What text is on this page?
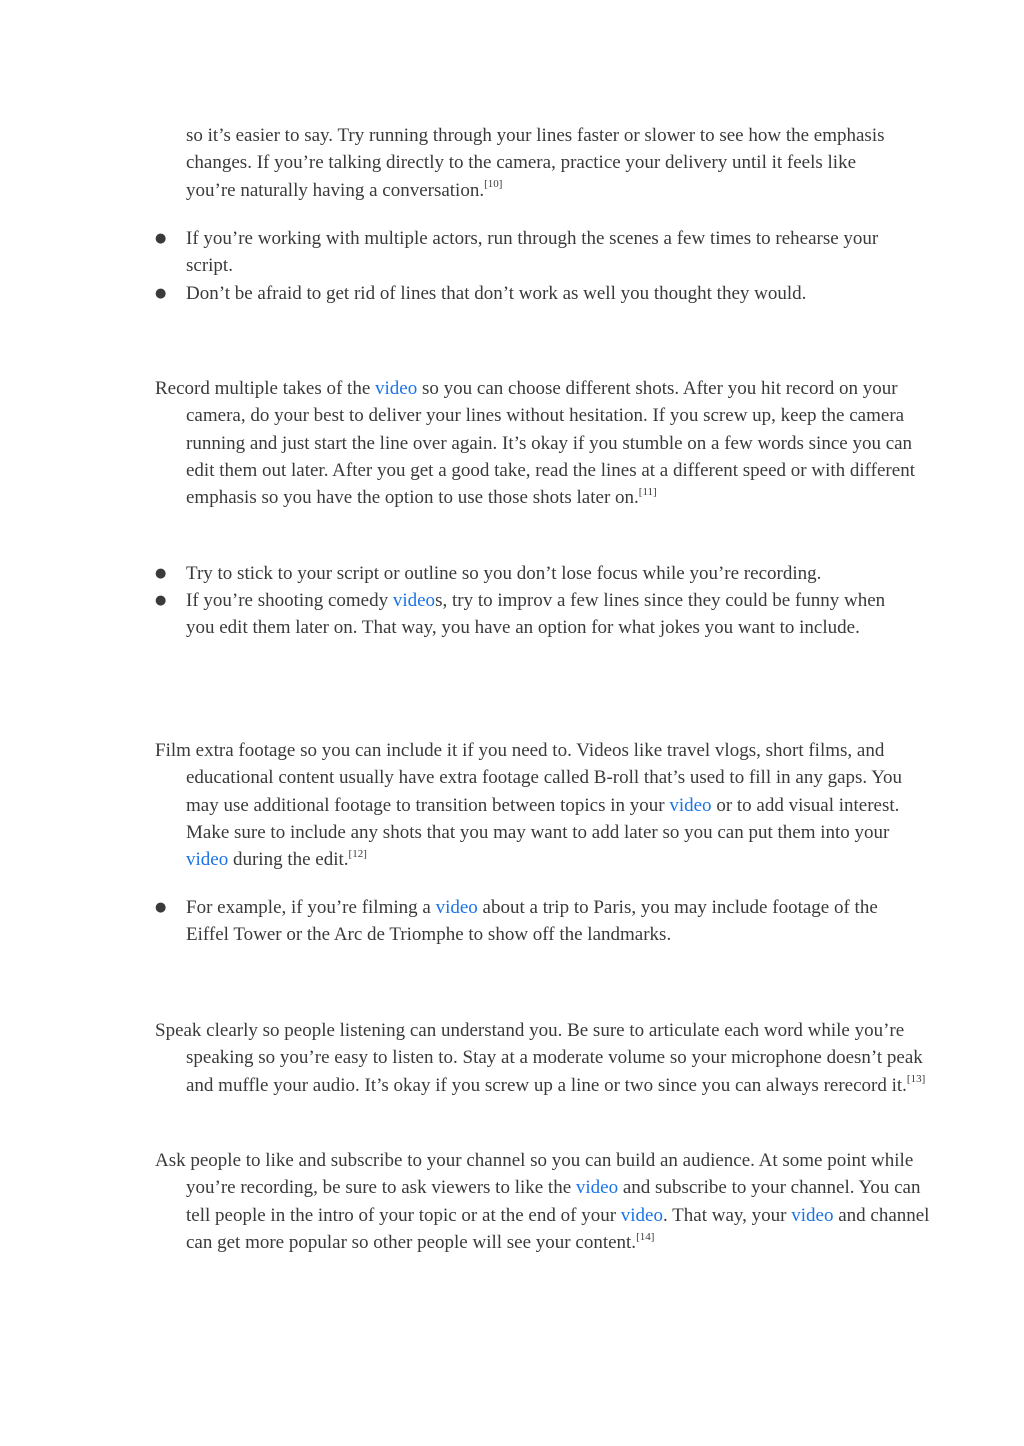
so it’s easier to say. Try running through your lines faster or slower to see how the emphasis changes. If you’re talking directly to the camera, practice your delivery until it feels like you’re naturally having a conversation.[10]

●	If you’re working with multiple actors, run through the scenes a few times to rehearse your script.
●	Don’t be afraid to get rid of lines that don’t work as well you thought they would.

Record multiple takes of the video so you can choose different shots. After you hit record on your camera, do your best to deliver your lines without hesitation. If you screw up, keep the camera running and just start the line over again. It’s okay if you stumble on a few words since you can edit them out later. After you get a good take, read the lines at a different speed or with different emphasis so you have the option to use those shots later on.[11]

●	Try to stick to your script or outline so you don’t lose focus while you’re recording.
●	If you’re shooting comedy videos, try to improv a few lines since they could be funny when you edit them later on. That way, you have an option for what jokes you want to include.

Film extra footage so you can include it if you need to. Videos like travel vlogs, short films, and educational content usually have extra footage called B-roll that’s used to fill in any gaps. You may use additional footage to transition between topics in your video or to add visual interest. Make sure to include any shots that you may want to add later so you can put them into your video during the edit.[12]

●	For example, if you’re filming a video about a trip to Paris, you may include footage of the Eiffel Tower or the Arc de Triomphe to show off the landmarks.

Speak clearly so people listening can understand you. Be sure to articulate each word while you’re speaking so you’re easy to listen to. Stay at a moderate volume so your microphone doesn’t peak and muffle your audio. It’s okay if you screw up a line or two since you can always rerecord it.[13]

Ask people to like and subscribe to your channel so you can build an audience. At some point while you’re recording, be sure to ask viewers to like the video and subscribe to your channel. You can tell people in the intro of your topic or at the end of your video. That way, your video and channel can get more popular so other people will see your content.[14]
